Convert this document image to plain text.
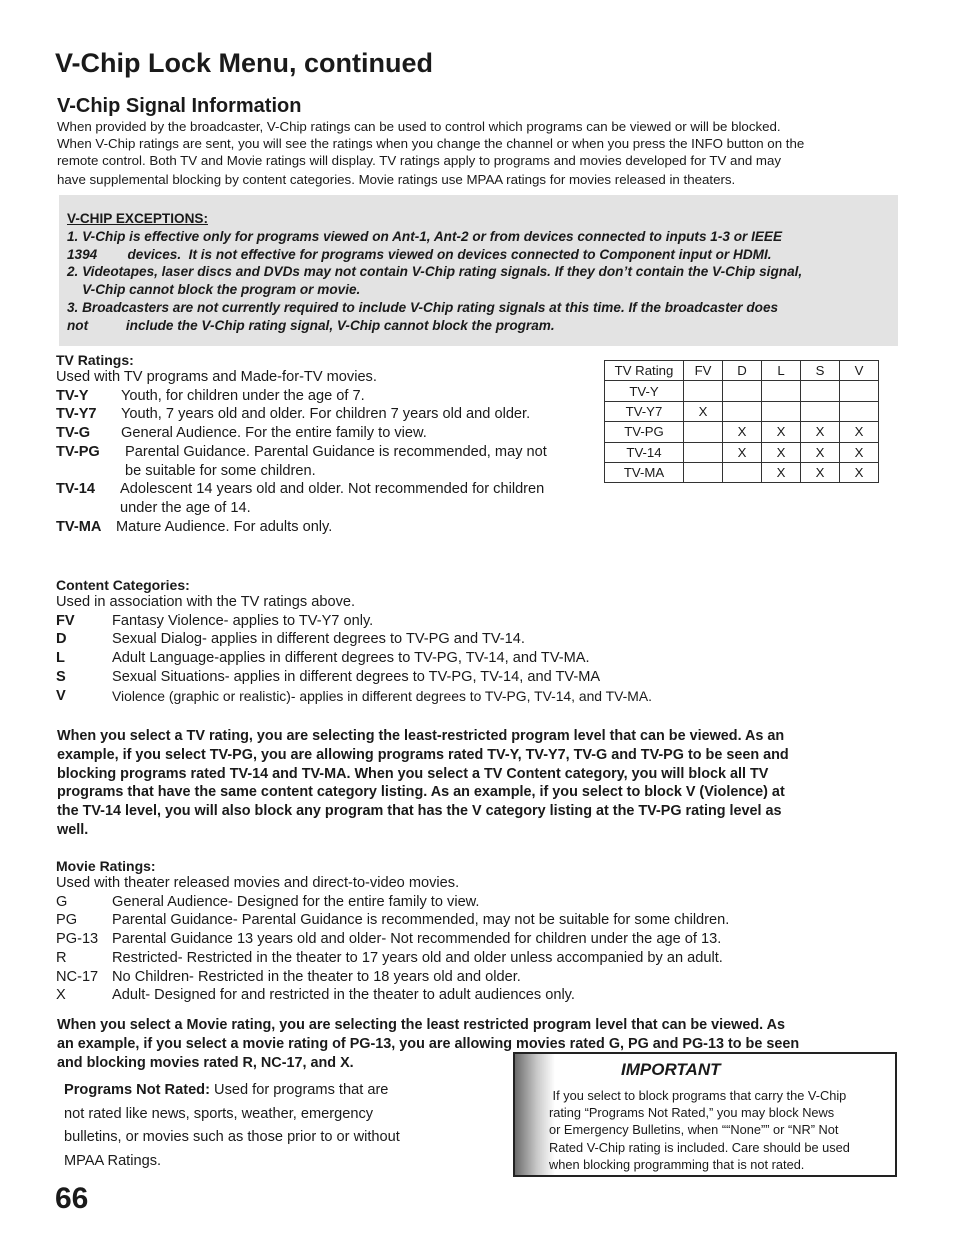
V-Chip Lock Menu, continued
V-Chip Signal Information
When provided by the broadcaster, V-Chip ratings can be used to control which programs can be viewed or will be blocked.
When V-Chip ratings are sent, you will see the ratings when you change the channel or when you press the INFO button on the
remote control. Both TV and Movie ratings will display. TV ratings apply to programs and movies developed for TV and may
have supplemental blocking by content categories. Movie ratings use MPAA ratings for movies released in theaters.
V-CHIP EXCEPTIONS:
1. V-Chip is effective only for programs viewed on Ant-1, Ant-2 or from devices connected to inputs 1-3 or IEEE
1394        devices.  It is not effective for programs viewed on devices connected to Component input or HDMI.
2. Videotapes, laser discs and DVDs may not contain V-Chip rating signals. If they don’t contain the V-Chip signal,
V-Chip cannot block the program or movie.
3. Broadcasters are not currently required to include V-Chip rating signals at this time. If the broadcaster does
not          include the V-Chip rating signal, V-Chip cannot block the program.
TV Ratings:
Used with TV programs and Made-for-TV movies.
TV-Y	Youth, for children under the age of 7.
TV-Y7	Youth, 7 years old and older. For children 7 years old and older.
TV-G	General Audience. For the entire family to view.
TV-PG	Parental Guidance. Parental Guidance is recommended, may not
be suitable for some children.
TV-14	Adolescent 14 years old and older. Not recommended for children
under the age of 14.
TV-MA Mature Audience. For adults only.
TV Rating	FV	D	L	S	V
TV-Y					
TV-Y7	X				
TV-PG		X	X	X	X
TV-14		X	X	X	X
TV-MA			X	X	X
Content Categories:
Used in association with the TV ratings above.
FV	Fantasy Violence- applies to TV-Y7 only.
D	Sexual Dialog- applies in different degrees to TV-PG and TV-14.
L	Adult Language-applies in different degrees to TV-PG, TV-14, and TV-MA.
S	Sexual Situations- applies in different degrees to TV-PG, TV-14, and TV-MA
V	Violence (graphic or realistic)- applies in different degrees to TV-PG, TV-14, and TV-MA.
When you select a TV rating, you are selecting the least-restricted program level that can be viewed. As an
example, if you select TV-PG, you are allowing programs rated TV-Y, TV-Y7, TV-G and TV-PG to be seen and
blocking programs rated TV-14 and TV-MA. When you select a TV Content category, you will block all TV
programs that have the same content category listing. As an example, if you select to block V (Violence) at
the TV-14 level, you will also block any program that has the V category listing at the TV-PG rating level as
well.
Movie Ratings:
Used with theater released movies and direct-to-video movies.
G	General Audience- Designed for the entire family to view.
PG	Parental Guidance- Parental Guidance is recommended, may not be suitable for some children.
PG-13 Parental Guidance 13 years old and older- Not recommended for children under the age of 13.
R	Restricted- Restricted in the theater to 17 years old and older unless accompanied by an adult.
NC-17 No Children- Restricted in the theater to 18 years old and older.
X	Adult- Designed for and restricted in the theater to adult audiences only.
When you select a Movie rating, you are selecting the least restricted program level that can be viewed. As
an example, if you select a movie rating of PG-13, you are allowing movies rated G, PG and PG-13 to be seen
and blocking movies rated R, NC-17, and X.
Programs Not Rated: Used for programs that are
not rated like news, sports, weather, emergency
bulletins, or movies such as those prior to or without
MPAA Ratings.
IMPORTANT
If you select to block programs that carry the V-Chip
rating “Programs Not Rated,” you may block News
or Emergency Bulletins, when ““None”” or “NR” Not
Rated V-Chip rating is included. Care should be used
when blocking programming that is not rated.
66
